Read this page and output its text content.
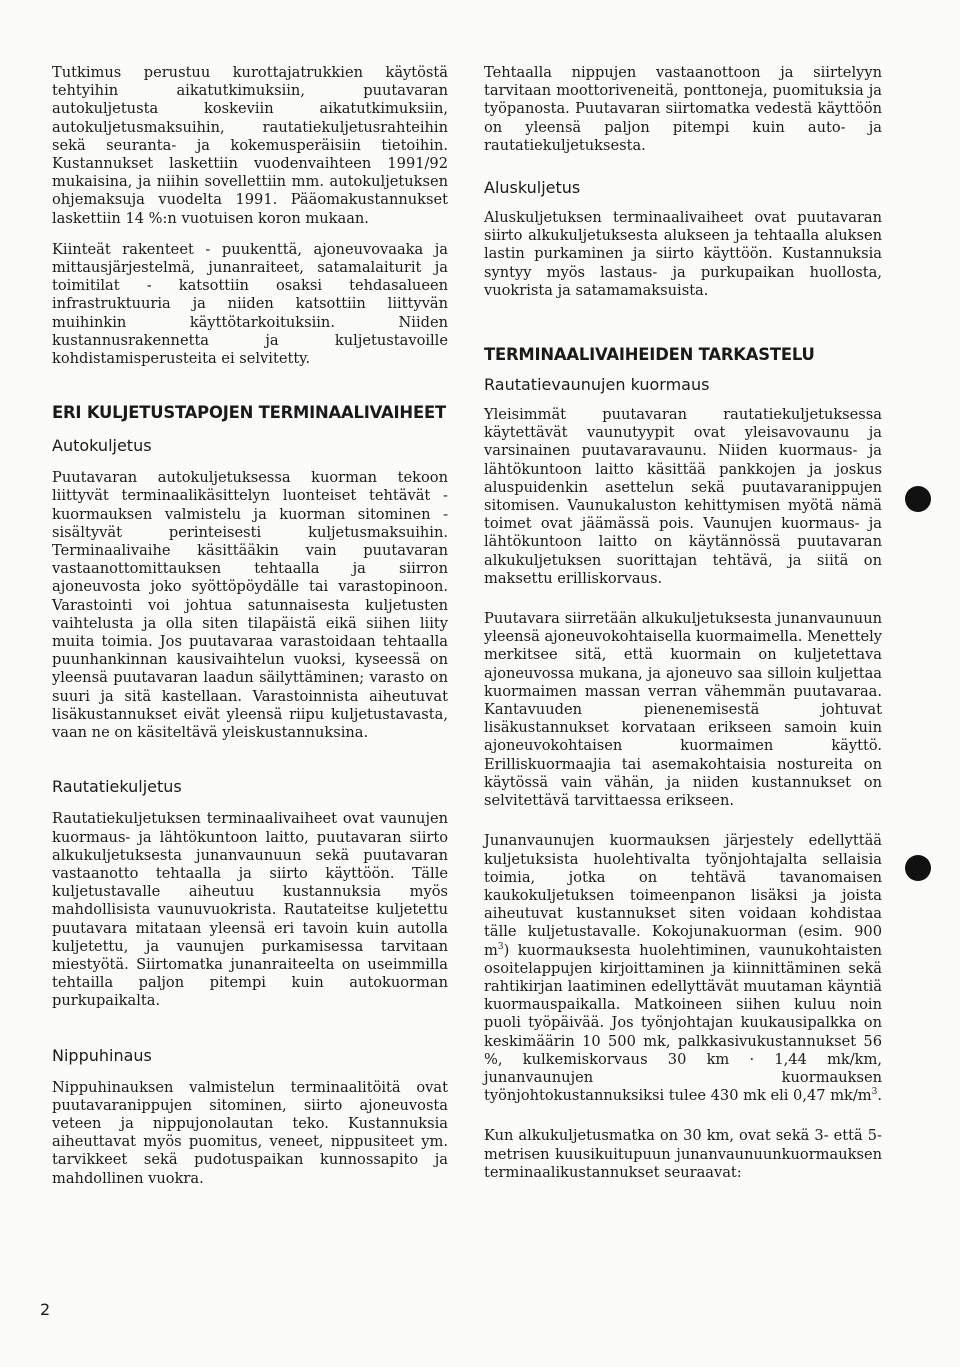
Tutkimus perustuu kurottajatrukkien käytöstä tehtyihin aikatutkimuksiin, puutavaran autokuljetusta koskeviin aikatutkimuksiin, autokuljetusmaksuihin, rautatiekuljetusrahteihin sekä seuranta- ja kokemusperäisiin tietoihin. Kustannukset laskettiin vuodenvaihteen 1991/92 mukaisina, ja niihin sovellettiin mm. autokuljetuksen ohjemaksuja vuodelta 1991. Pääomakustannukset laskettiin 14 %:n vuotuisen koron mukaan.

Kiinteät rakenteet - puukenttä, ajoneuvovaaka ja mittausjärjestelmä, junanraiteet, satamalaiturit ja toimitilat - katsottiin osaksi tehdasalueen infrastruktuuria ja niiden katsottiin liittyvän muihinkin käyttötarkoituksiin. Niiden kustannusrakennetta ja kuljetustavoille kohdistamisperusteita ei selvitetty.

ERI KULJETUSTAPOJEN TERMINAALIVAIHEET
Autokuljetus

Puutavaran autokuljetuksessa kuorman tekoon liittyvät terminaalikäsittelyn luonteiset tehtävät - kuormauksen valmistelu ja kuorman sitominen - sisältyvät perinteisesti kuljetusmaksuihin. Terminaalivaihe käsittääkin vain puutavaran vastaanottomittauksen tehtaalla ja siirron ajoneuvosta joko syöttöpöydälle tai varastopinoon. Varastointi voi johtua satunnaisesta kuljetusten vaihtelusta ja olla siten tilapäistä eikä siihen liity muita toimia. Jos puutavaraa varastoidaan tehtaalla puunhankinnan kausivaihtelun vuoksi, kyseessä on yleensä puutavaran laadun säilyttäminen; varasto on suuri ja sitä kastellaan. Varastoinnista aiheutuvat lisäkustannukset eivät yleensä riipu kuljetustavasta, vaan ne on käsiteltävä yleiskustannuksina.

Rautatiekuljetus

Rautatiekuljetuksen terminaalivaiheet ovat vaunujen kuormaus- ja lähtökuntoon laitto, puutavaran siirto alkukuljetuksesta junanvaunuun sekä puutavaran vastaanotto tehtaalla ja siirto käyttöön. Tälle kuljetustavalle aiheutuu kustannuksia myös mahdollisista vaunuvuokrista. Rautateitse kuljetettu puutavara mitataan yleensä eri tavoin kuin autolla kuljetettu, ja vaunujen purkamisessa tarvitaan miestyötä. Siirtomatka junanraiteelta on useimmilla tehtailla paljon pitempi kuin autokuorman purkupaikalta.

Nippuhinaus

Nippuhinauksen valmistelun terminaalitöitä ovat puutavaranippujen sitominen, siirto ajoneuvosta veteen ja nippujonolautan teko. Kustannuksia aiheuttavat myös puomitus, veneet, nippusiteet ym. tarvikkeet sekä pudotuspaikan kunnossapito ja mahdollinen vuokra.

Tehtaalla nippujen vastaanottoon ja siirtelyyn tarvitaan moottoriveneitä, ponttoneja, puomituksia ja työpanosta. Puutavaran siirtomatka vedestä käyttöön on yleensä paljon pitempi kuin auto- ja rautatiekuljetuksesta.

Aluskuljetus

Aluskuljetuksen terminaalivaiheet ovat puutavaran siirto alkukuljetuksesta alukseen ja tehtaalla aluksen lastin purkaminen ja siirto käyttöön. Kustannuksia syntyy myös lastaus- ja purkupaikan huollosta, vuokrista ja satamamaksuista.

TERMINAALIVAIHEIDEN TARKASTELU
Rautatievaunujen kuormaus

Yleisimmät puutavaran rautatiekuljetuksessa käytettävät vaunutyypit ovat yleisavovaunu ja varsinainen puutavaravaunu. Niiden kuormaus- ja lähtökuntoon laitto käsittää pankkojen ja joskus aluspuidenkin asettelun sekä puutavaranippujen sitomisen. Vaunukaluston kehittymisen myötä nämä toimet ovat jäämässä pois. Vaunujen kuormaus- ja lähtökuntoon laitto on käytännössä puutavaran alkukuljetuksen suorittajan tehtävä, ja siitä on maksettu erilliskorvaus.

Puutavara siirretään alkukuljetuksesta junanvaunuun yleensä ajoneuvokohtaisella kuormaimella. Menettely merkitsee sitä, että kuormain on kuljetettava ajoneuvossa mukana, ja ajoneuvo saa silloin kuljettaa kuormaimen massan verran vähemmän puutavaraa. Kantavuuden pienenemisestä johtuvat lisäkustannukset korvataan erikseen samoin kuin ajoneuvokohtaisen kuormaimen käyttö. Erilliskuormaajia tai asemakohtaisia nostureita on käytössä vain vähän, ja niiden kustannukset on selvitettävä tarvittaessa erikseen.

Junanvaunujen kuormauksen järjestely edellyttää kuljetuksista huolehtivalta työnjohtajalta sellaisia toimia, jotka on tehtävä tavanomaisen kaukokuljetuksen toimeenpanon lisäksi ja joista aiheutuvat kustannukset siten voidaan kohdistaa tälle kuljetustavalle. Kokojunakuorman (esim. 900 $m^3$) kuormauksesta huolehtiminen, vaunukohtaisten osoitelappujen kirjoittaminen ja kiinnittäminen sekä rahtikirjan laatiminen edellyttävät muutaman käyntiä kuormauspaikalla. Matkoineen siihen kuluu noin puoli työpäivää. Jos työnjohtajan kuukausipalkka on keskimäärin 10 500 mk, palkkasivukustannukset 56 %, kulkemiskorvaus 30 km · 1,44 mk/km, junanvaunujen kuormauksen työnjohtokustannuksiksi tulee 430 mk eli 0,47 $mk/m^3$.

Kun alkukuljetusmatka on 30 km, ovat sekä 3- että 5-metrisen kuusikuitupuun junanvaunuunkuormauksen terminaalikustannukset seuraavat:

2
